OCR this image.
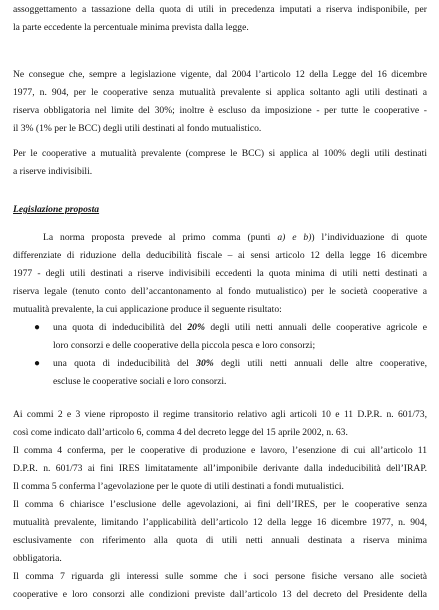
assoggettamento a tassazione della quota di utili in precedenza imputati a riserva indisponibile, per
la parte eccedente la percentuale minima prevista dalla legge.
Ne consegue che, sempre a legislazione vigente, dal 2004 l’articolo 12 della Legge del 16 dicembre
1977, n. 904, per le cooperative senza mutualità prevalente si applica soltanto agli utili destinati a
riserva obbligatoria nel limite del 30%; inoltre è escluso da imposizione - per tutte le cooperative -
il 3% (1% per le BCC) degli utili destinati al fondo mutualistico.
Per le cooperative a mutualità prevalente (comprese le BCC) si applica al 100% degli utili destinati
a riserve indivisibili.
Legislazione proposta
La norma proposta prevede al primo comma (punti a) e b)) l’individuazione di quote
differenziate di riduzione della deducibilità fiscale – ai sensi articolo 12 della legge 16 dicembre
1977 - degli utili destinati a riserve indivisibili eccedenti la quota minima di utili netti destinati a
riserva legale (tenuto conto dell’accantonamento al fondo mutualistico) per le società cooperative a
mutualità prevalente, la cui applicazione produce il seguente risultato:
● una quota di indeducibilità del 20% degli utili netti annuali delle cooperative agricole e
loro consorzi e delle cooperative della piccola pesca e loro consorzi;
● una quota di indeducibilità del 30% degli utili netti annuali delle altre cooperative,
escluse le cooperative sociali e loro consorzi.
Ai commi 2 e 3 viene riproposto il regime transitorio relativo agli articoli 10 e 11 D.P.R. n. 601/73,
così come indicato dall’articolo 6, comma 4 del decreto legge del 15 aprile 2002, n. 63.
Il comma 4 conferma, per le cooperative di produzione e lavoro, l’esenzione di cui all’articolo 11
D.P.R. n. 601/73 ai fini IRES limitatamente all’imponibile derivante dalla indeducibilità dell’IRAP.
Il comma 5 conferma l’agevolazione per le quote di utili destinati a fondi mutualistici.
Il comma 6 chiarisce l’esclusione delle agevolazioni, ai fini dell’IRES, per le cooperative senza
mutualità prevalente, limitando l’applicabilità dell’articolo 12 della legge 16 dicembre 1977, n. 904,
esclusivamente con riferimento alla quota di utili netti annuali destinata a riserva minima
obbligatoria.
Il comma 7 riguarda gli interessi sulle somme che i soci persone fisiche versano alle società
cooperative e loro consorzi alle condizioni previste dall’articolo 13 del decreto del Presidente della
